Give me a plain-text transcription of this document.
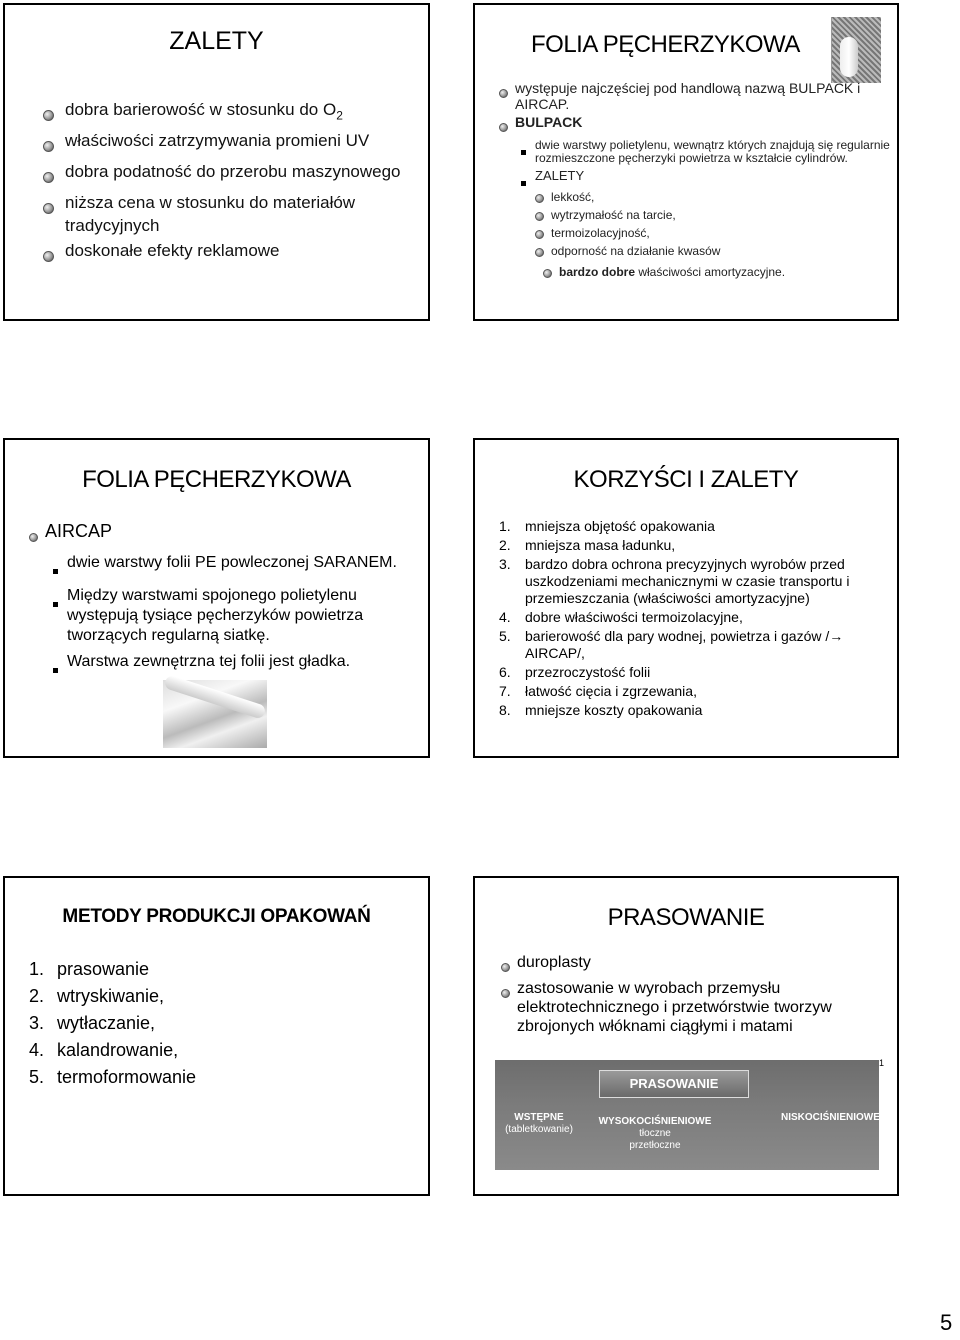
ZALETY
dobra barierowość w stosunku do $O_2$
właściwości zatrzymywania promieni UV
dobra podatność do przerobu maszynowego
niższa cena w stosunku do materiałów tradycyjnych
doskonałe efekty reklamowe
FOLIA PĘCHERZYKOWA
występuje najczęściej pod handlową nazwą BULPACK i AIRCAP.
BULPACK
dwie warstwy polietylenu, wewnątrz których znajdują się regularnie rozmieszczone pęcherzyki powietrza w kształcie cylindrów.
ZALETY
lekkość,
wytrzymałość na tarcie,
termoizolacyjność,
odporność na działanie kwasów
bardzo dobre właściwości amortyzacyjne.
FOLIA PĘCHERZYKOWA
AIRCAP
dwie warstwy folii PE powleczonej SARANEM.
Między warstwami spojonego polietylenu występują tysiące pęcherzyków powietrza tworzących regularną siatkę.
Warstwa zewnętrzna tej folii jest gładka.
KORZYŚCI I ZALETY
1.	mniejsza objętość opakowania
2.	mniejsza masa ładunku,
3.	bardzo dobra ochrona precyzyjnych wyrobów przed uszkodzeniami mechanicznymi w czasie transportu i przemieszczania (właściwości amortyzacyjne)
4.	dobre właściwości termoizolacyjne,
5.	barierowość dla pary wodnej, powietrza i gazów /→ AIRCAP/,
6.	przezroczystość folii
7.	łatwość cięcia i zgrzewania,
8.	mniejsze koszty opakowania
METODY PRODUKCJI OPAKOWAŃ
1. prasowanie
2. wtryskiwanie,
3. wytłaczanie,
4. kalandrowanie,
5. termoformowanie
PRASOWANIE
duroplasty
zastosowanie w wyrobach przemysłu elektrotechnicznego i przetwórstwie tworzyw zbrojonych włóknami ciągłymi i matami
PRASOWANIE
WSTĘPNE
(tabletkowanie)
WYSOKOCIŚNIENIOWE
tłoczne
przetłoczne
NISKOCIŚNIENIOWE
1
5
